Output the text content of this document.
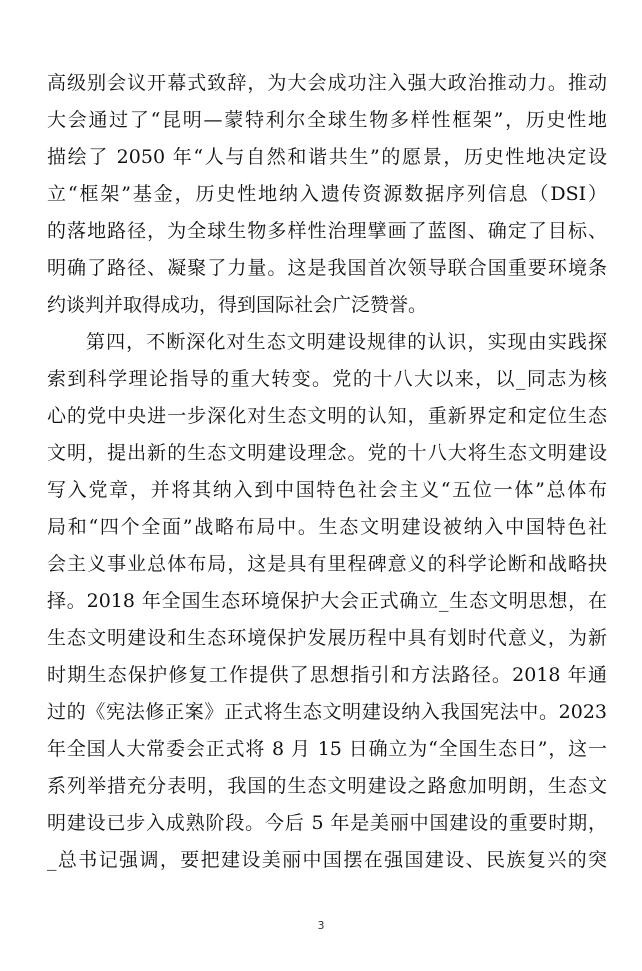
高级别会议开幕式致辞，为大会成功注入强大政治推动力。推动
大会通过了“昆明—蒙特利尔全球生物多样性框架”，历史性地
描绘了 2050 年“人与自然和谐共生”的愿景，历史性地决定设
立“框架”基金，历史性地纳入遗传资源数据序列信息（DSI）
的落地路径，为全球生物多样性治理擘画了蓝图、确定了目标、
明确了路径、凝聚了力量。这是我国首次领导联合国重要环境条
约谈判并取得成功，得到国际社会广泛赞誉。
第四，不断深化对生态文明建设规律的认识，实现由实践探
索到科学理论指导的重大转变。党的十八大以来，以_同志为核
心的党中央进一步深化对生态文明的认知，重新界定和定位生态
文明，提出新的生态文明建设理念。党的十八大将生态文明建设
写入党章，并将其纳入到中国特色社会主义“五位一体”总体布
局和“四个全面”战略布局中。生态文明建设被纳入中国特色社
会主义事业总体布局，这是具有里程碑意义的科学论断和战略抉
择。2018 年全国生态环境保护大会正式确立_生态文明思想，在
生态文明建设和生态环境保护发展历程中具有划时代意义，为新
时期生态保护修复工作提供了思想指引和方法路径。2018 年通
过的《宪法修正案》正式将生态文明建设纳入我国宪法中。2023
年全国人大常委会正式将 8 月 15 日确立为“全国生态日”，这一
系列举措充分表明，我国的生态文明建设之路愈加明朗，生态文
明建设已步入成熟阶段。今后 5 年是美丽中国建设的重要时期，
_总书记强调，要把建设美丽中国摆在强国建设、民族复兴的突
3
